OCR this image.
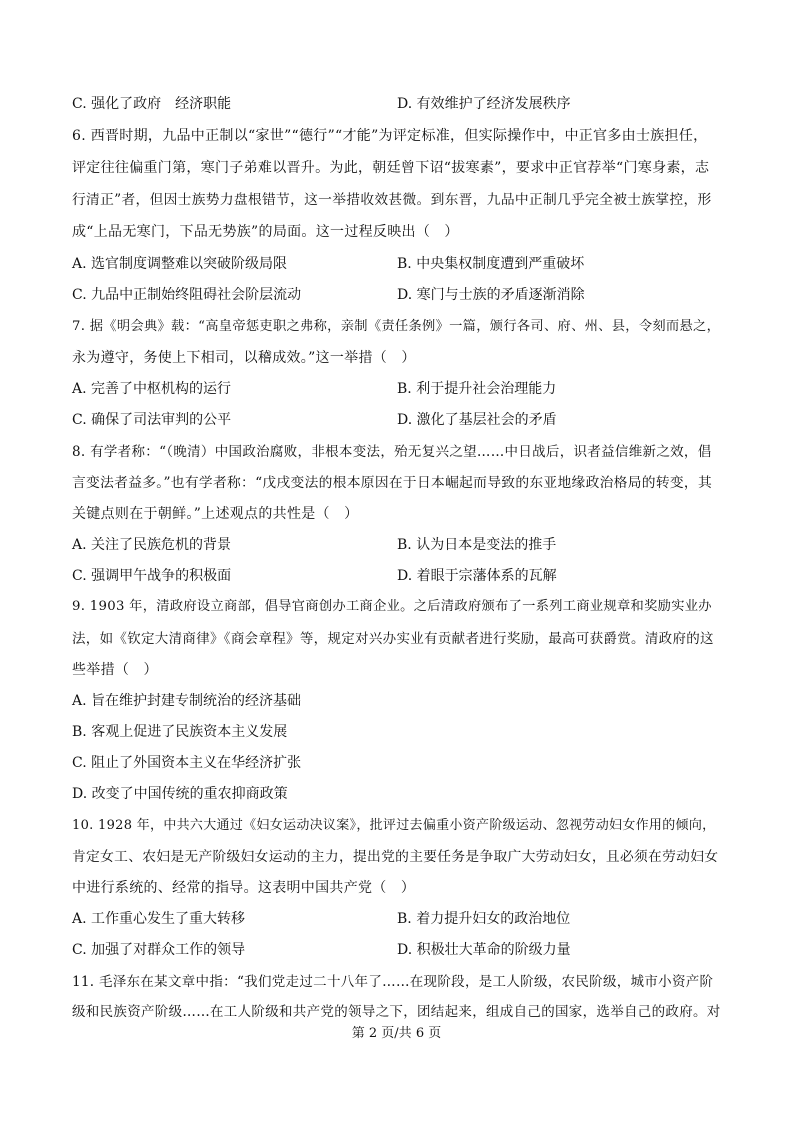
C. 强化了政府　经济职能	D. 有效维护了经济发展秩序
6. 西晋时期，九品中正制以“家世”“德行”“才能”为评定标准，但实际操作中，中正官多由士族担任，
评定往往偏重门第，寒门子弟难以晋升。为此，朝廷曾下诏“拔寒素”，要求中正官荐举“门寒身素，志
行清正”者，但因士族势力盘根错节，这一举措收效甚微。到东晋，九品中正制几乎完全被士族掌控，形
成“上品无寒门，下品无势族”的局面。这一过程反映出（　）
A. 选官制度调整难以突破阶级局限	B. 中央集权制度遭到严重破坏
C. 九品中正制始终阻碍社会阶层流动	D. 寒门与士族的矛盾逐渐消除
7. 据《明会典》载：“高皇帝惩吏职之弗称，亲制《责任条例》一篇，颁行各司、府、州、县，令刻而悬之，
永为遵守，务使上下相司，以稽成效。”这一举措（　）
A. 完善了中枢机构的运行	B. 利于提升社会治理能力
C. 确保了司法审判的公平	D. 激化了基层社会的矛盾
8. 有学者称：“（晚清）中国政治腐败，非根本变法，殆无复兴之望……中日战后，识者益信维新之效，倡
言变法者益多。”也有学者称：“戊戌变法的根本原因在于日本崛起而导致的东亚地缘政治格局的转变，其
关键点则在于朝鲜。”上述观点的共性是（　）
A. 关注了民族危机的背景	B. 认为日本是变法的推手
C. 强调甲午战争的积极面	D. 着眼于宗藩体系的瓦解
9. 1903 年，清政府设立商部，倡导官商创办工商企业。之后清政府颁布了一系列工商业规章和奖励实业办
法，如《钦定大清商律》《商会章程》等，规定对兴办实业有贡献者进行奖励，最高可获爵赏。清政府的这
些举措（　）
A. 旨在维护封建专制统治的经济基础
B. 客观上促进了民族资本主义发展
C. 阻止了外国资本主义在华经济扩张
D. 改变了中国传统的重农抑商政策
10. 1928 年，中共六大通过《妇女运动决议案》，批评过去偏重小资产阶级运动、忽视劳动妇女作用的倾向，
肯定女工、农妇是无产阶级妇女运动的主力，提出党的主要任务是争取广大劳动妇女，且必须在劳动妇女
中进行系统的、经常的指导。这表明中国共产党（　）
A. 工作重心发生了重大转移	B. 着力提升妇女的政治地位
C. 加强了对群众工作的领导	D. 积极壮大革命的阶级力量
11. 毛泽东在某文章中指：“我们党走过二十八年了……在现阶段，是工人阶级，农民阶级，城市小资产阶
级和民族资产阶级……在工人阶级和共产党的领导之下，团结起来，组成自己的国家，选举自己的政府。对
第 2 页/共 6 页
